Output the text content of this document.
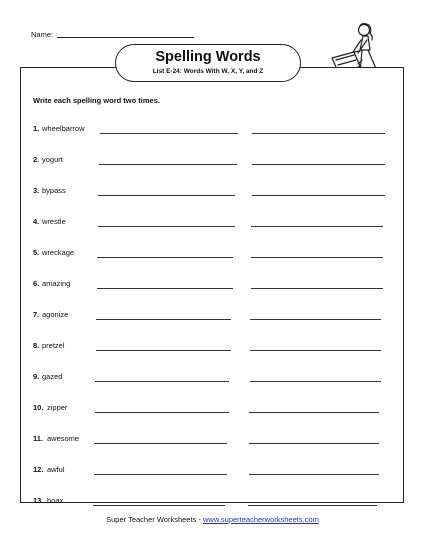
Name:
Spelling Words
List E-24: Words With W, X, Y, and Z
Write each spelling word two times.
1. wheelbarrow
2. yogurt
3. bypass
4. wrestle
5. wreckage
6. amazing
7. agonize
8. pretzel
9. gazed
10. zipper
11. awesome
12. awful
13. hoax
Super Teacher Worksheets - www.superteacherworksheets.com
